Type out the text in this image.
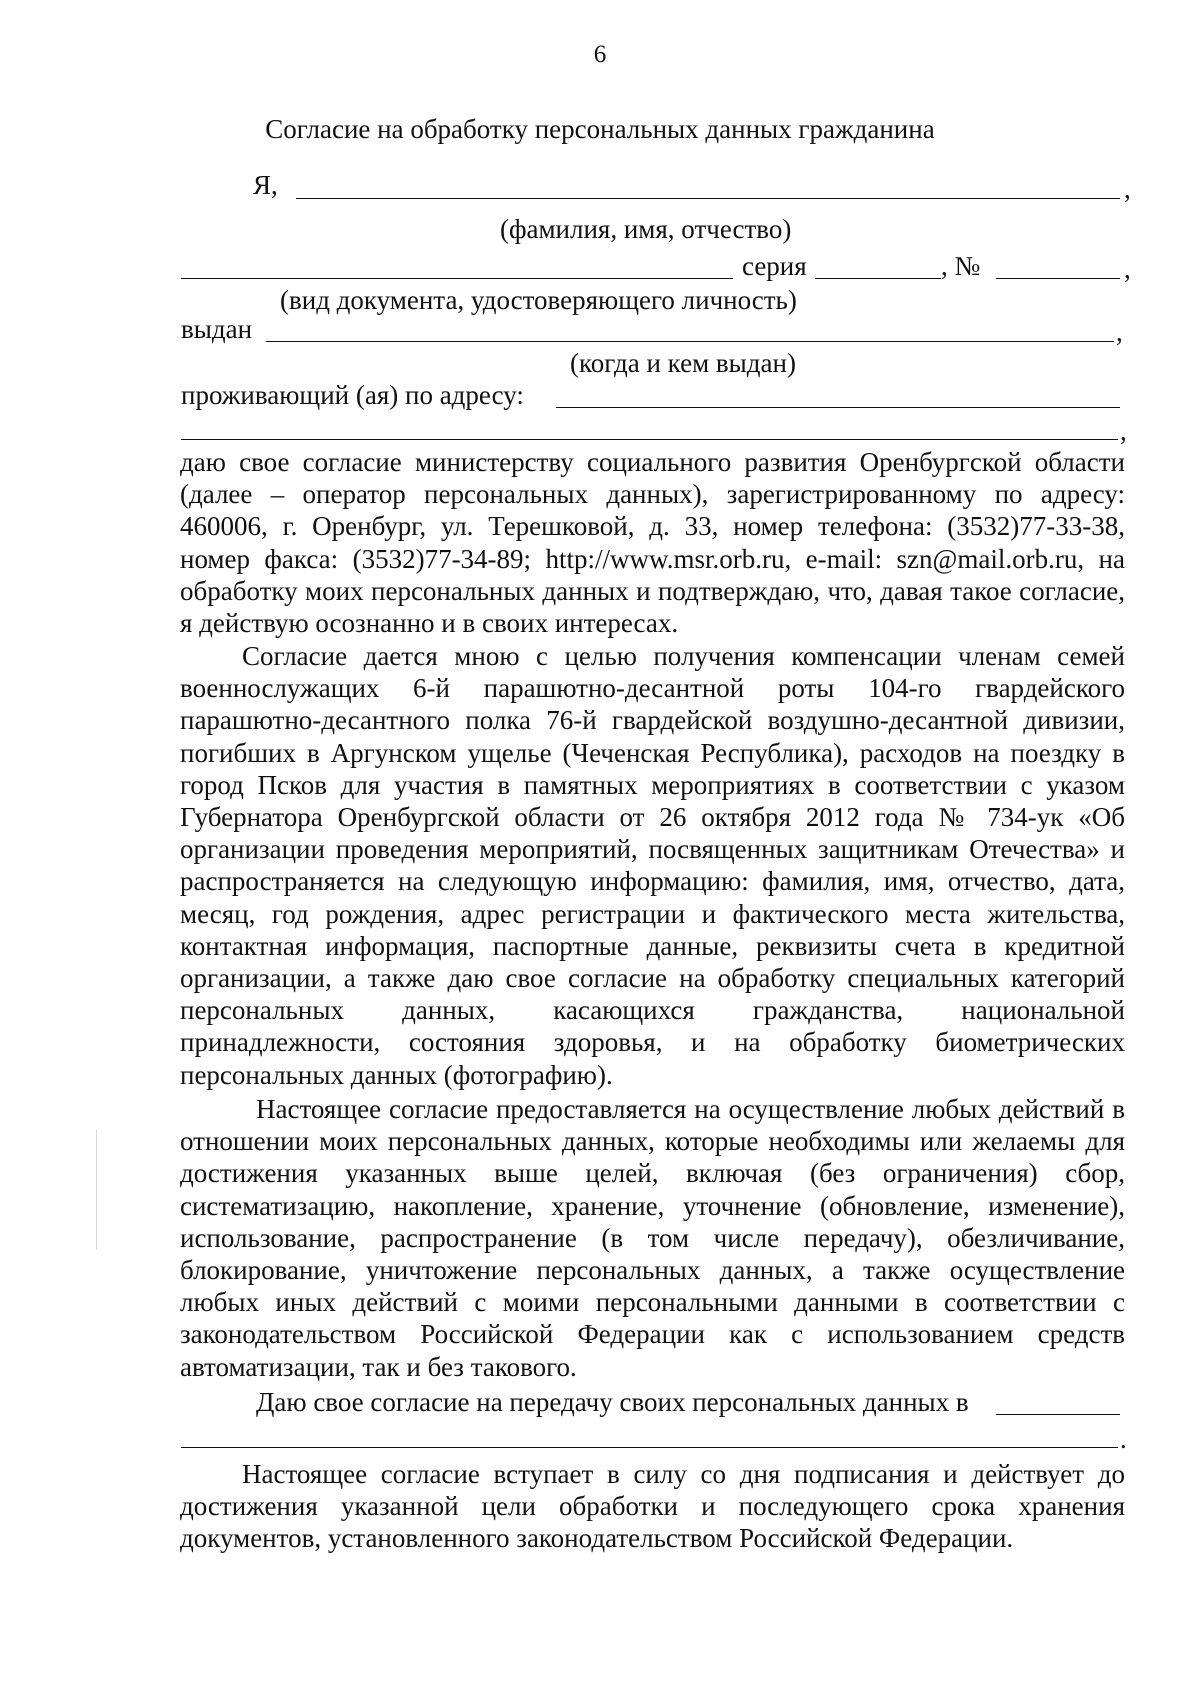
6
Согласие на обработку персональных данных гражданина
Я,	,
(фамилия, имя, отчество)
серия	, №	,
(вид документа, удостоверяющего личность)
выдан	,
(когда и кем выдан)
проживающий (ая) по адресу:
,

даю свое согласие министерству социального развития Оренбургской области (далее – оператор персональных данных), зарегистрированному по адресу: 460006, г. Оренбург, ул. Терешковой, д. 33, номер телефона: (3532)77-33-38, номер факса: (3532)77-34-89; http://www.msr.orb.ru, e-mail: szn@mail.orb.ru, на обработку моих персональных данных и подтверждаю, что, давая такое согласие, я действую осознанно и в своих интересах.

Согласие дается мною с целью получения компенсации членам семей военнослужащих 6-й парашютно-десантной роты 104-го гвардейского парашютно-десантного полка 76-й гвардейской воздушно-десантной дивизии, погибших в Аргунском ущелье (Чеченская Республика), расходов на поездку в город Псков для участия в памятных мероприятиях в соответствии с указом Губернатора Оренбургской области от 26 октября 2012 года № 734-ук «Об организации проведения мероприятий, посвященных защитникам Отечества» и распространяется на следующую информацию: фамилия, имя, отчество, дата, месяц, год рождения, адрес регистрации и фактического места жительства, контактная информация, паспортные данные, реквизиты счета в кредитной организации, а также даю свое согласие на обработку специальных категорий персональных данных, касающихся гражданства, национальной принадлежности, состояния здоровья, и на обработку биометрических персональных данных (фотографию).

Настоящее согласие предоставляется на осуществление любых действий в отношении моих персональных данных, которые необходимы или желаемы для достижения указанных выше целей, включая (без ограничения) сбор, систематизацию, накопление, хранение, уточнение (обновление, изменение), использование, распространение (в том числе передачу), обезличивание, блокирование, уничтожение персональных данных, а также осуществление любых иных действий с моими персональными данными в соответствии с законодательством Российской Федерации как с использованием средств автоматизации, так и без такового.

Даю свое согласие на передачу своих персональных данных в
.

Настоящее согласие вступает в силу со дня подписания и действует до достижения указанной цели обработки и последующего срока хранения документов, установленного законодательством Российской Федерации.
